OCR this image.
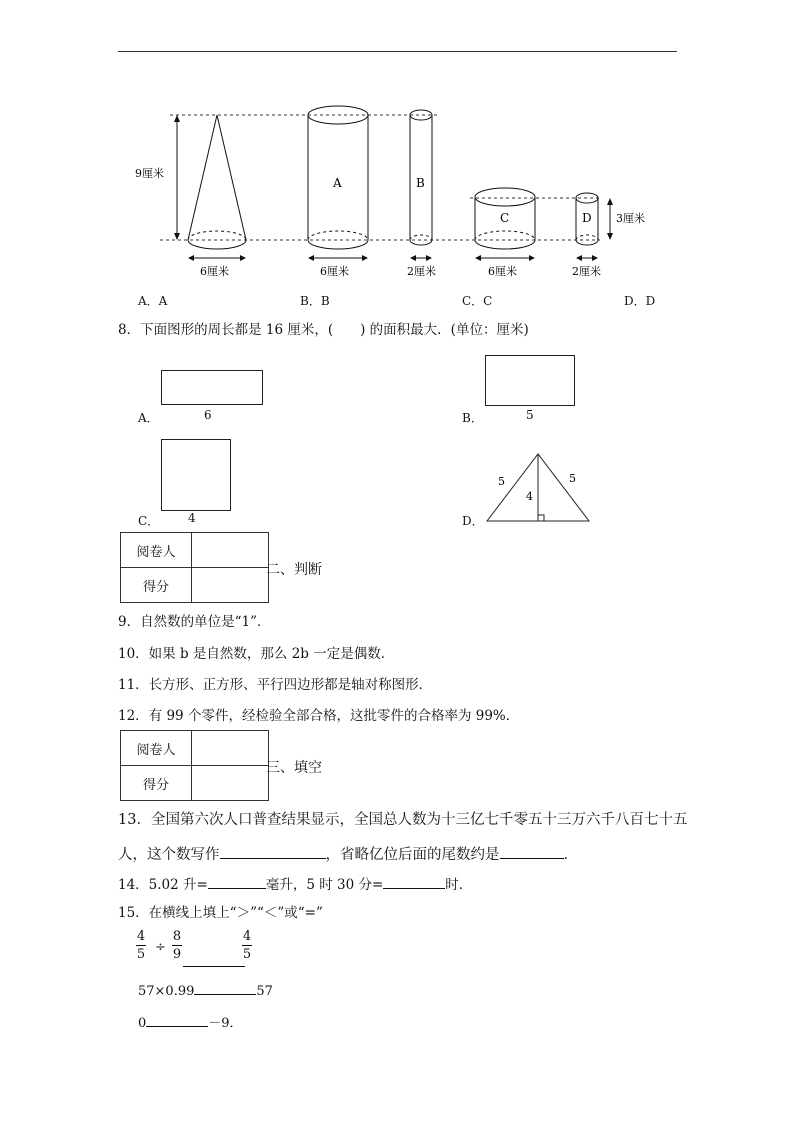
9厘米
6厘米
A
6厘米
B
2厘米
C
6厘米
D
2厘米
3厘米
A．A	B．B	C．C	D．D
8．下面图形的周长都是 16 厘米，(　　) 的面积最大．(单位：厘米)
A．	6	B．	5
C． 4
5	5
4
D．
阅卷人	
得分	
二、判断
9．自然数的单位是“1”．
10．如果 b 是自然数，那么 2b 一定是偶数．
11．长方形、正方形、平行四边形都是轴对称图形．
12．有 99 个零件，经检验全部合格，这批零件的合格率为 99%．
阅卷人	
得分	
三、填空
13．全国第六次人口普查结果显示，全国总人数为十三亿七千零五十三万六千八百七十五
人，这个数写作	，省略亿位后面的尾数约是	．
14．5.02 升=	毫升，5 时 30 分=	时．
15．在横线上填上“＞”“＜”或“=”
4
5 ÷
8
9
4
5
57×0.99	57
0	－9．
